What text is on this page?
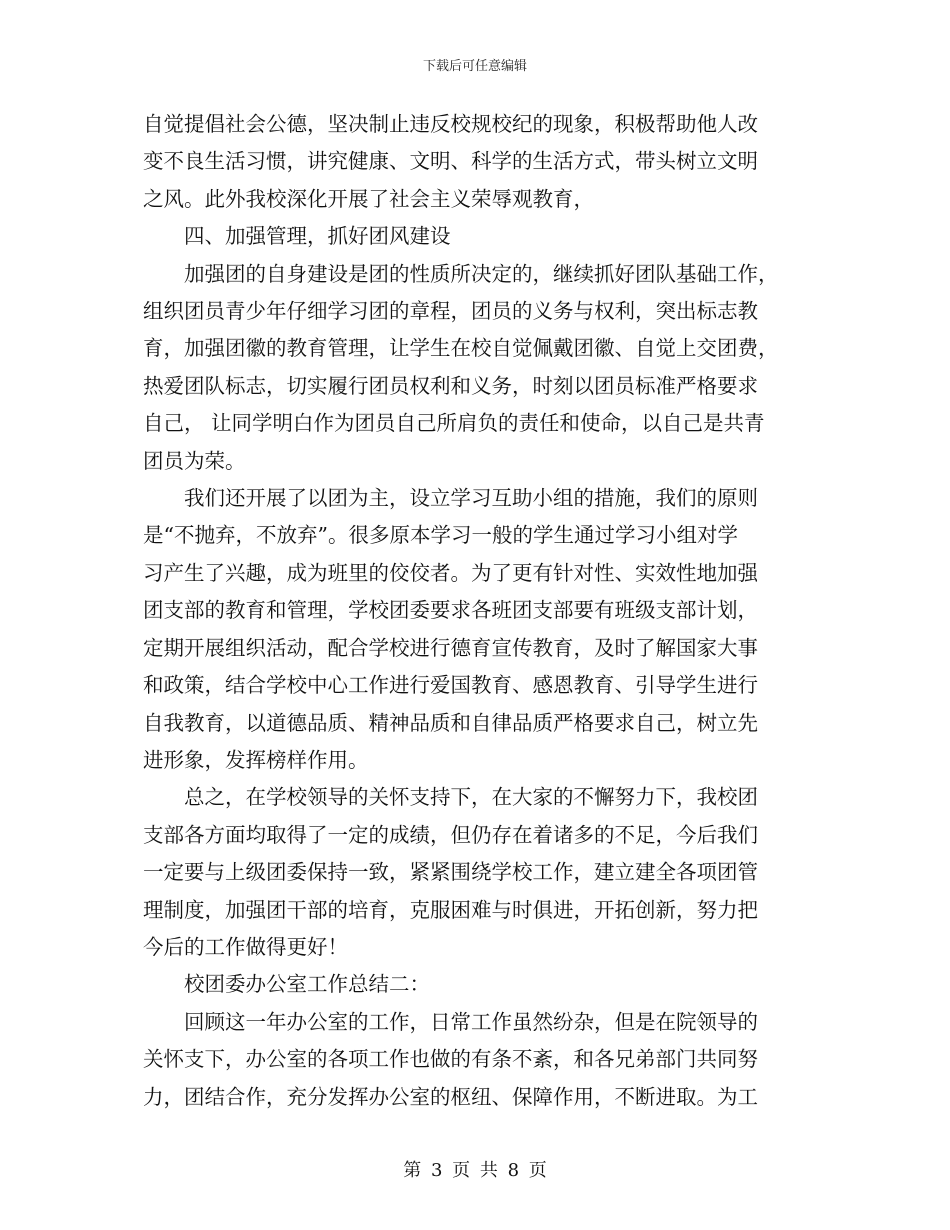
下载后可任意编辑

自觉提倡社会公德，坚决制止违反校规校纪的现象，积极帮助他人改
变不良生活习惯，讲究健康、文明、科学的生活方式，带头树立文明
之风。此外我校深化开展了社会主义荣辱观教育，

四、加强管理，抓好团风建设

加强团的自身建设是团的性质所决定的，继续抓好团队基础工作，
组织团员青少年仔细学习团的章程，团员的义务与权利，突出标志教
育，加强团徽的教育管理，让学生在校自觉佩戴团徽、自觉上交团费，
热爱团队标志，切实履行团员权利和义务，时刻以团员标准严格要求
自己， 让同学明白作为团员自己所肩负的责任和使命，以自己是共青
团员为荣。

我们还开展了以团为主，设立学习互助小组的措施，我们的原则
是“不抛弃，不放弃”。很多原本学习一般的学生通过学习小组对学
习产生了兴趣，成为班里的佼佼者。为了更有针对性、实效性地加强
团支部的教育和管理，学校团委要求各班团支部要有班级支部计划，
定期开展组织活动，配合学校进行德育宣传教育，及时了解国家大事
和政策，结合学校中心工作进行爱国教育、感恩教育、引导学生进行
自我教育，以道德品质、精神品质和自律品质严格要求自己，树立先
进形象，发挥榜样作用。

总之，在学校领导的关怀支持下，在大家的不懈努力下，我校团
支部各方面均取得了一定的成绩，但仍存在着诸多的不足，今后我们
一定要与上级团委保持一致，紧紧围绕学校工作，建立建全各项团管
理制度，加强团干部的培育，克服困难与时俱进，开拓创新，努力把
今后的工作做得更好！

校团委办公室工作总结二：

回顾这一年办公室的工作，日常工作虽然纷杂，但是在院领导的
关怀支下，办公室的各项工作也做的有条不紊，和各兄弟部门共同努
力，团结合作，充分发挥办公室的枢纽、保障作用，不断进取。为工

第 3 页 共 8 页
